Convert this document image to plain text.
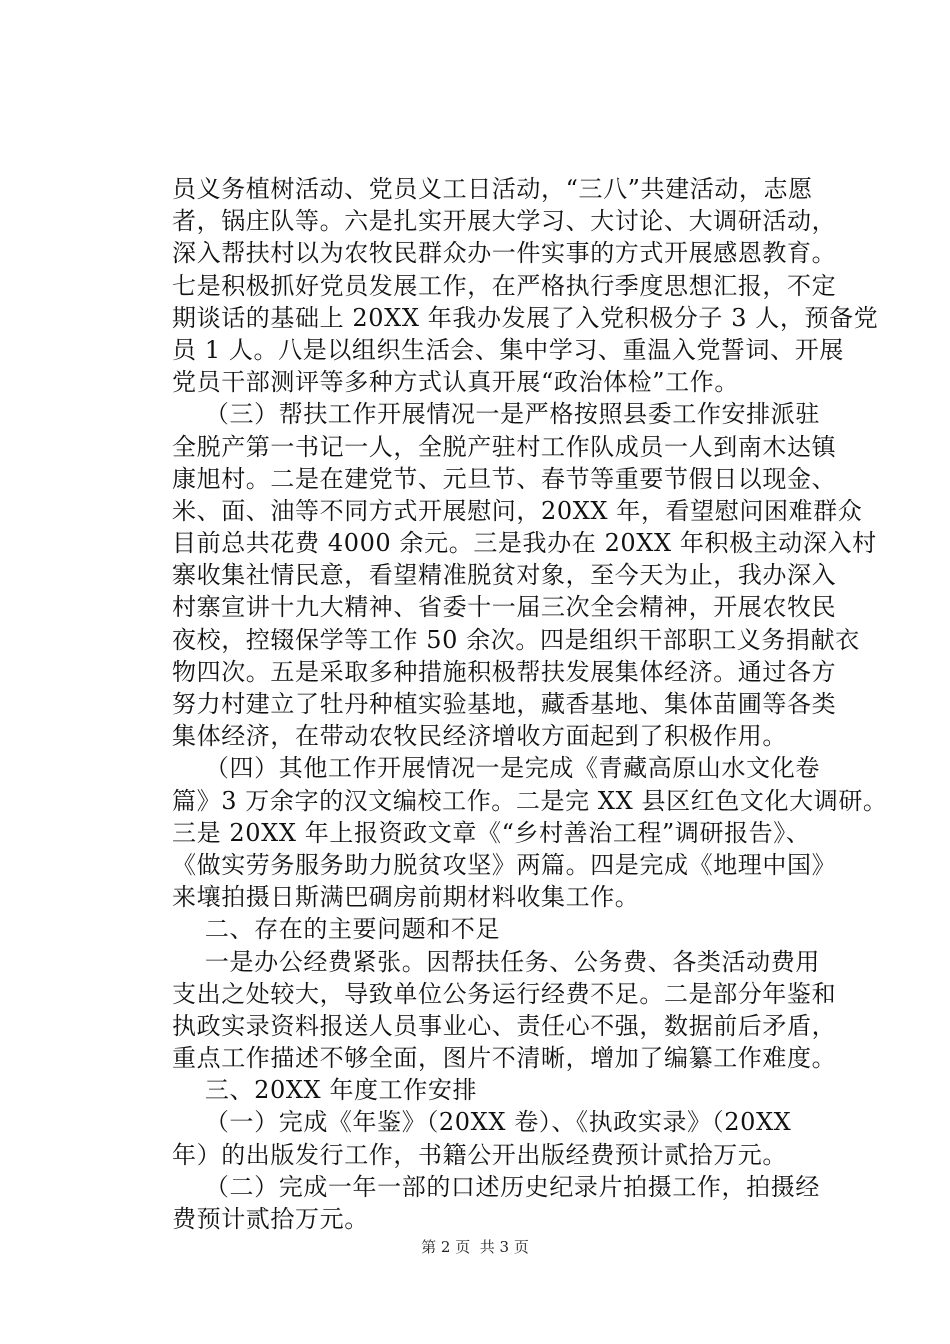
员义务植树活动、党员义工日活动，“三八”共建活动，志愿
者，锅庄队等。六是扎实开展大学习、大讨论、大调研活动，
深入帮扶村以为农牧民群众办一件实事的方式开展感恩教育。
七是积极抓好党员发展工作，在严格执行季度思想汇报，不定
期谈话的基础上 20XX 年我办发展了入党积极分子 3 人，预备党
员 1 人。八是以组织生活会、集中学习、重温入党誓词、开展
党员干部测评等多种方式认真开展“政治体检”工作。
（三）帮扶工作开展情况一是严格按照县委工作安排派驻
全脱产第一书记一人，全脱产驻村工作队成员一人到南木达镇
康旭村。二是在建党节、元旦节、春节等重要节假日以现金、
米、面、油等不同方式开展慰问，20XX 年，看望慰问困难群众
目前总共花费 4000 余元。三是我办在 20XX 年积极主动深入村
寨收集社情民意，看望精准脱贫对象，至今天为止，我办深入
村寨宣讲十九大精神、省委十一届三次全会精神，开展农牧民
夜校，控辍保学等工作 50 余次。四是组织干部职工义务捐献衣
物四次。五是采取多种措施积极帮扶发展集体经济。通过各方
努力村建立了牡丹种植实验基地，藏香基地、集体苗圃等各类
集体经济，在带动农牧民经济增收方面起到了积极作用。
（四）其他工作开展情况一是完成《青藏高原山水文化卷
篇》3 万余字的汉文编校工作。二是完 XX 县区红色文化大调研。
三是 20XX 年上报资政文章《“乡村善治工程”调研报告》、
《做实劳务服务助力脱贫攻坚》两篇。四是完成《地理中国》
来壤拍摄日斯满巴碉房前期材料收集工作。
二、存在的主要问题和不足
一是办公经费紧张。因帮扶任务、公务费、各类活动费用
支出之处较大，导致单位公务运行经费不足。二是部分年鉴和
执政实录资料报送人员事业心、责任心不强，数据前后矛盾，
重点工作描述不够全面，图片不清晰，增加了编纂工作难度。
三、20XX 年度工作安排
（一）完成《年鉴》（20XX 卷）、《执政实录》（20XX
年）的出版发行工作，书籍公开出版经费预计贰拾万元。
（二）完成一年一部的口述历史纪录片拍摄工作，拍摄经
费预计贰拾万元。
第 2 页  共 3 页
